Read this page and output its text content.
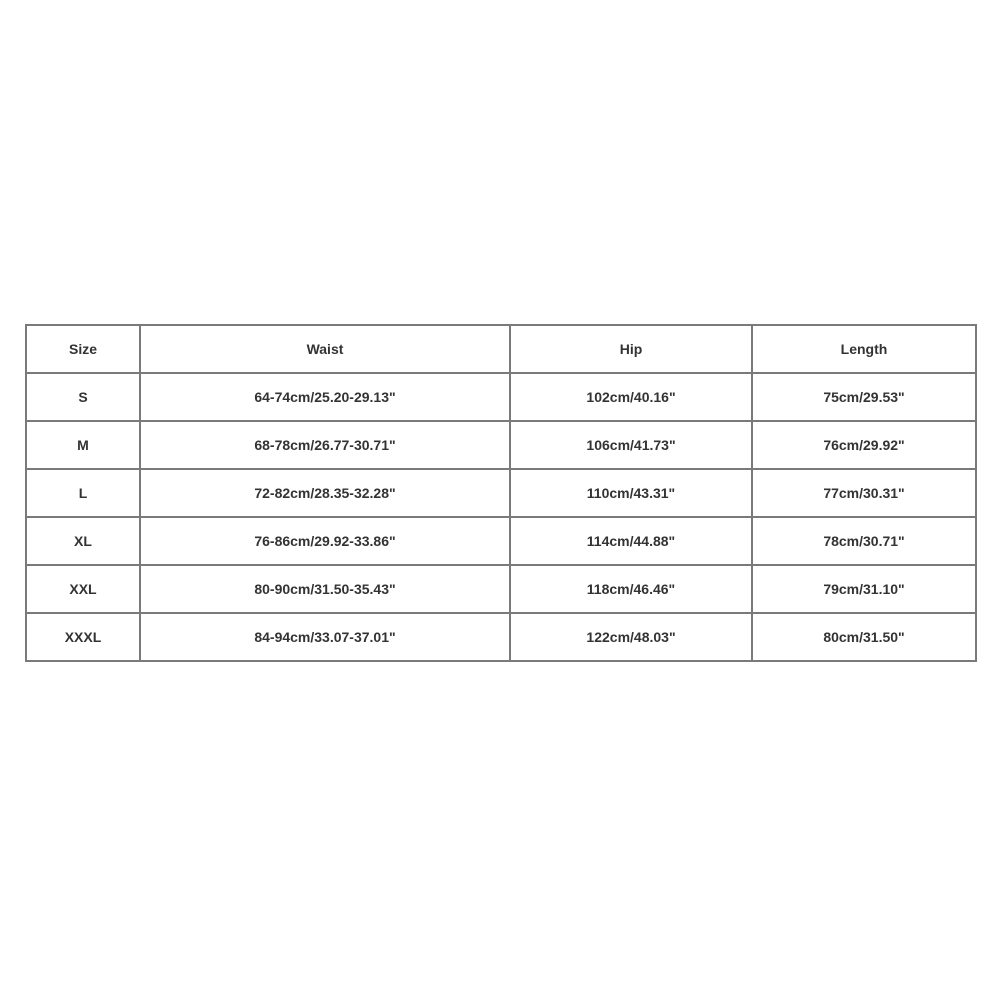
Size	Waist	Hip	Length
S	64-74cm/25.20-29.13"	102cm/40.16"	75cm/29.53"
M	68-78cm/26.77-30.71"	106cm/41.73"	76cm/29.92"
L	72-82cm/28.35-32.28"	110cm/43.31"	77cm/30.31"
XL	76-86cm/29.92-33.86"	114cm/44.88"	78cm/30.71"
XXL	80-90cm/31.50-35.43"	118cm/46.46"	79cm/31.10"
XXXL	84-94cm/33.07-37.01"	122cm/48.03"	80cm/31.50"
